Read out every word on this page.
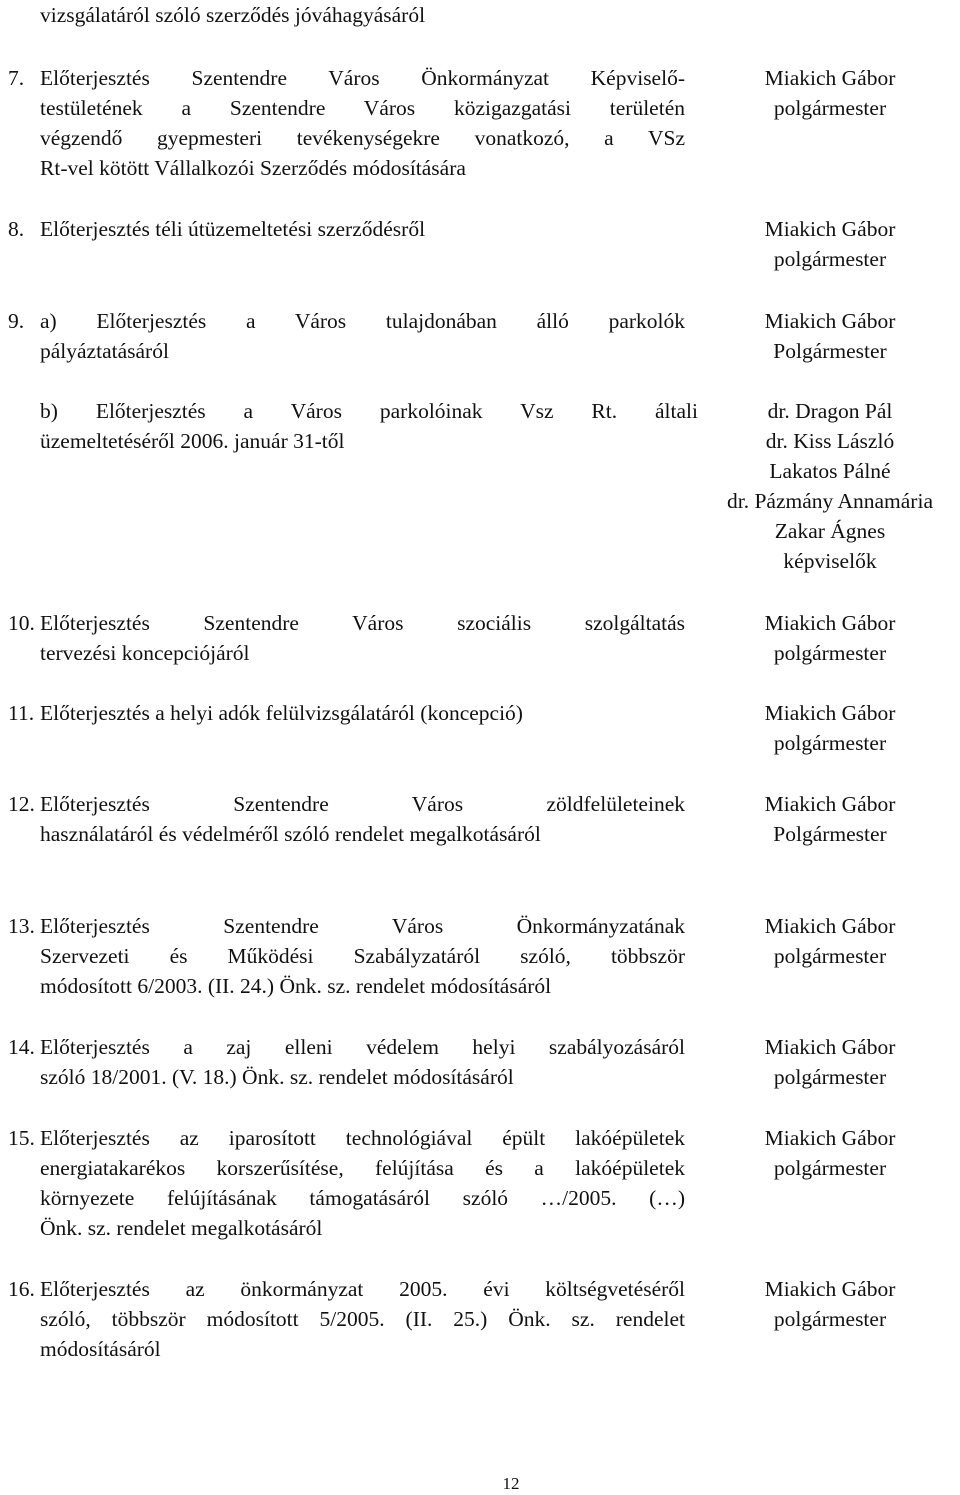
vizsgálatáról szóló szerződés jóváhagyásáról
7. Előterjesztés Szentendre Város Önkormányzat Képviselő-
testületének a Szentendre Város közigazgatási területén
végzendő gyepmesteri tevékenységekre vonatkozó, a VSz
Rt-vel kötött Vállalkozói Szerződés módosítására
Miakich Gábor
polgármester
8. Előterjesztés téli útüzemeltetési szerződésről	Miakich Gábor
polgármester
9. a) Előterjesztés a Város tulajdonában álló parkolók
pályáztatásáról
Miakich Gábor
Polgármester
b) Előterjesztés a Város parkolóinak Vsz Rt. általi
üzemeltetéséről 2006. január 31-től
dr. Dragon Pál
dr. Kiss László
Lakatos Pálné
dr. Pázmány Annamária
Zakar Ágnes
képviselők
10. Előterjesztés Szentendre Város szociális szolgáltatás
tervezési koncepciójáról
Miakich Gábor
polgármester
11. Előterjesztés a helyi adók felülvizsgálatáról (koncepció)	Miakich Gábor
polgármester
12. Előterjesztés Szentendre Város zöldfelületeinek
használatáról és védelméről szóló rendelet megalkotásáról
Miakich Gábor
Polgármester
13. Előterjesztés Szentendre Város Önkormányzatának
Szervezeti és Működési Szabályzatáról szóló, többször
módosított 6/2003. (II. 24.) Önk. sz. rendelet módosításáról
Miakich Gábor
polgármester
14. Előterjesztés a zaj elleni védelem helyi szabályozásáról
szóló 18/2001. (V. 18.) Önk. sz. rendelet módosításáról
Miakich Gábor
polgármester
15. Előterjesztés az iparosított technológiával épült lakóépületek
energiatakarékos korszerűsítése, felújítása és a lakóépületek
környezete felújításának támogatásáról szóló …/2005. (…)
Önk. sz. rendelet megalkotásáról
Miakich Gábor
polgármester
16. Előterjesztés az önkormányzat 2005. évi költségvetéséről
szóló, többször módosított 5/2005. (II. 25.) Önk. sz. rendelet
módosításáról
Miakich Gábor
polgármester
12
